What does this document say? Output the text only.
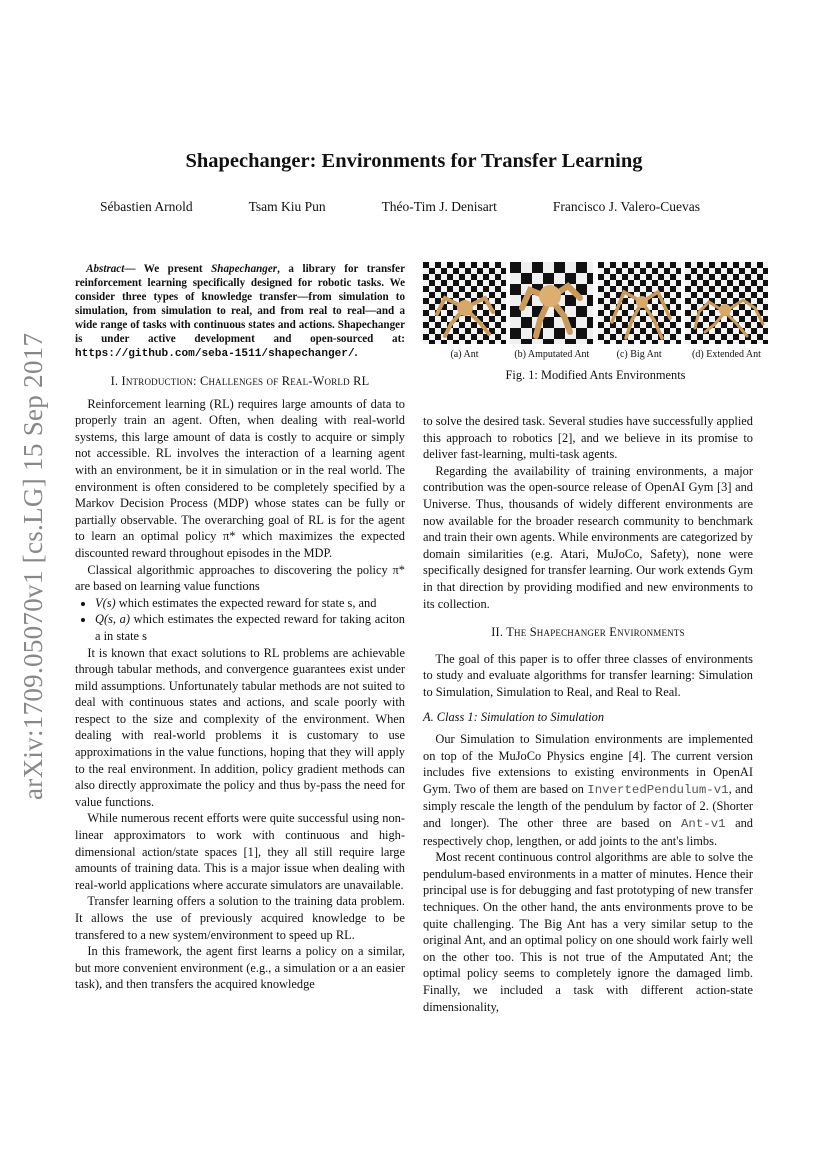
arXiv:1709.05070v1 [cs.LG] 15 Sep 2017
Shapechanger: Environments for Transfer Learning
Sébastien Arnold	Tsam Kiu Pun	Théo-Tim J. Denisart	Francisco J. Valero-Cuevas

Abstract— We present Shapechanger, a library for transfer reinforcement learning specifically designed for robotic tasks. We consider three types of knowledge transfer—from simulation to simulation, from simulation to real, and from real to real—and a wide range of tasks with continuous states and actions. Shapechanger is under active development and open-sourced at: https://github.com/seba-1511/shapechanger/.

I. Introduction: Challenges of Real-World RL

Reinforcement learning (RL) requires large amounts of data to properly train an agent. Often, when dealing with real-world systems, this large amount of data is costly to acquire or simply not accessible. RL involves the interaction of a learning agent with an environment, be it in simulation or in the real world. The environment is often considered to be completely specified by a Markov Decision Process (MDP) whose states can be fully or partially observable. The overarching goal of RL is for the agent to learn an optimal policy π* which maximizes the expected discounted reward throughout episodes in the MDP.

Classical algorithmic approaches to discovering the policy π* are based on learning value functions

• V(s) which estimates the expected reward for state s, and
• Q(s, a) which estimates the expected reward for taking aciton a in state s

It is known that exact solutions to RL problems are achievable through tabular methods, and convergence guarantees exist under mild assumptions. Unfortunately tabular methods are not suited to deal with continuous states and actions, and scale poorly with respect to the size and complexity of the environment. When dealing with real-world problems it is customary to use approximations in the value functions, hoping that they will apply to the real environment. In addition, policy gradient methods can also directly approximate the policy and thus by-pass the need for value functions.

While numerous recent efforts were quite successful using non-linear approximators to work with continuous and high-dimensional action/state spaces [1], they all still require large amounts of training data. This is a major issue when dealing with real-world applications where accurate simulators are unavailable.

Transfer learning offers a solution to the training data problem. It allows the use of previously acquired knowledge to be transfered to a new system/environment to speed up RL.

In this framework, the agent first learns a policy on a similar, but more convenient environment (e.g., a simulation or a an easier task), and then transfers the acquired knowledge

(a) Ant	(b) Amputated Ant	(c) Big Ant	(d) Extended Ant
Fig. 1: Modified Ants Environments

to solve the desired task. Several studies have successfully applied this approach to robotics [2], and we believe in its promise to deliver fast-learning, multi-task agents.

Regarding the availability of training environments, a major contribution was the open-source release of OpenAI Gym [3] and Universe. Thus, thousands of widely different environments are now available for the broader research community to benchmark and train their own agents. While environments are categorized by domain similarities (e.g. Atari, MuJoCo, Safety), none were specifically designed for transfer learning. Our work extends Gym in that direction by providing modified and new environments to its collection.

II. The Shapechanger Environments

The goal of this paper is to offer three classes of environments to study and evaluate algorithms for transfer learning: Simulation to Simulation, Simulation to Real, and Real to Real.

A. Class 1: Simulation to Simulation

Our Simulation to Simulation environments are implemented on top of the MuJoCo Physics engine [4]. The current version includes five extensions to existing environments in OpenAI Gym. Two of them are based on InvertedPendulum-v1, and simply rescale the length of the pendulum by factor of 2. (Shorter and longer). The other three are based on Ant-v1 and respectively chop, lengthen, or add joints to the ant's limbs.

Most recent continuous control algorithms are able to solve the pendulum-based environments in a matter of minutes. Hence their principal use is for debugging and fast prototyping of new transfer techniques. On the other hand, the ants environments prove to be quite challenging. The Big Ant has a very similar setup to the original Ant, and an optimal policy on one should work fairly well on the other too. This is not true of the Amputated Ant; the optimal policy seems to completely ignore the damaged limb. Finally, we included a task with different action-state dimensionality,
